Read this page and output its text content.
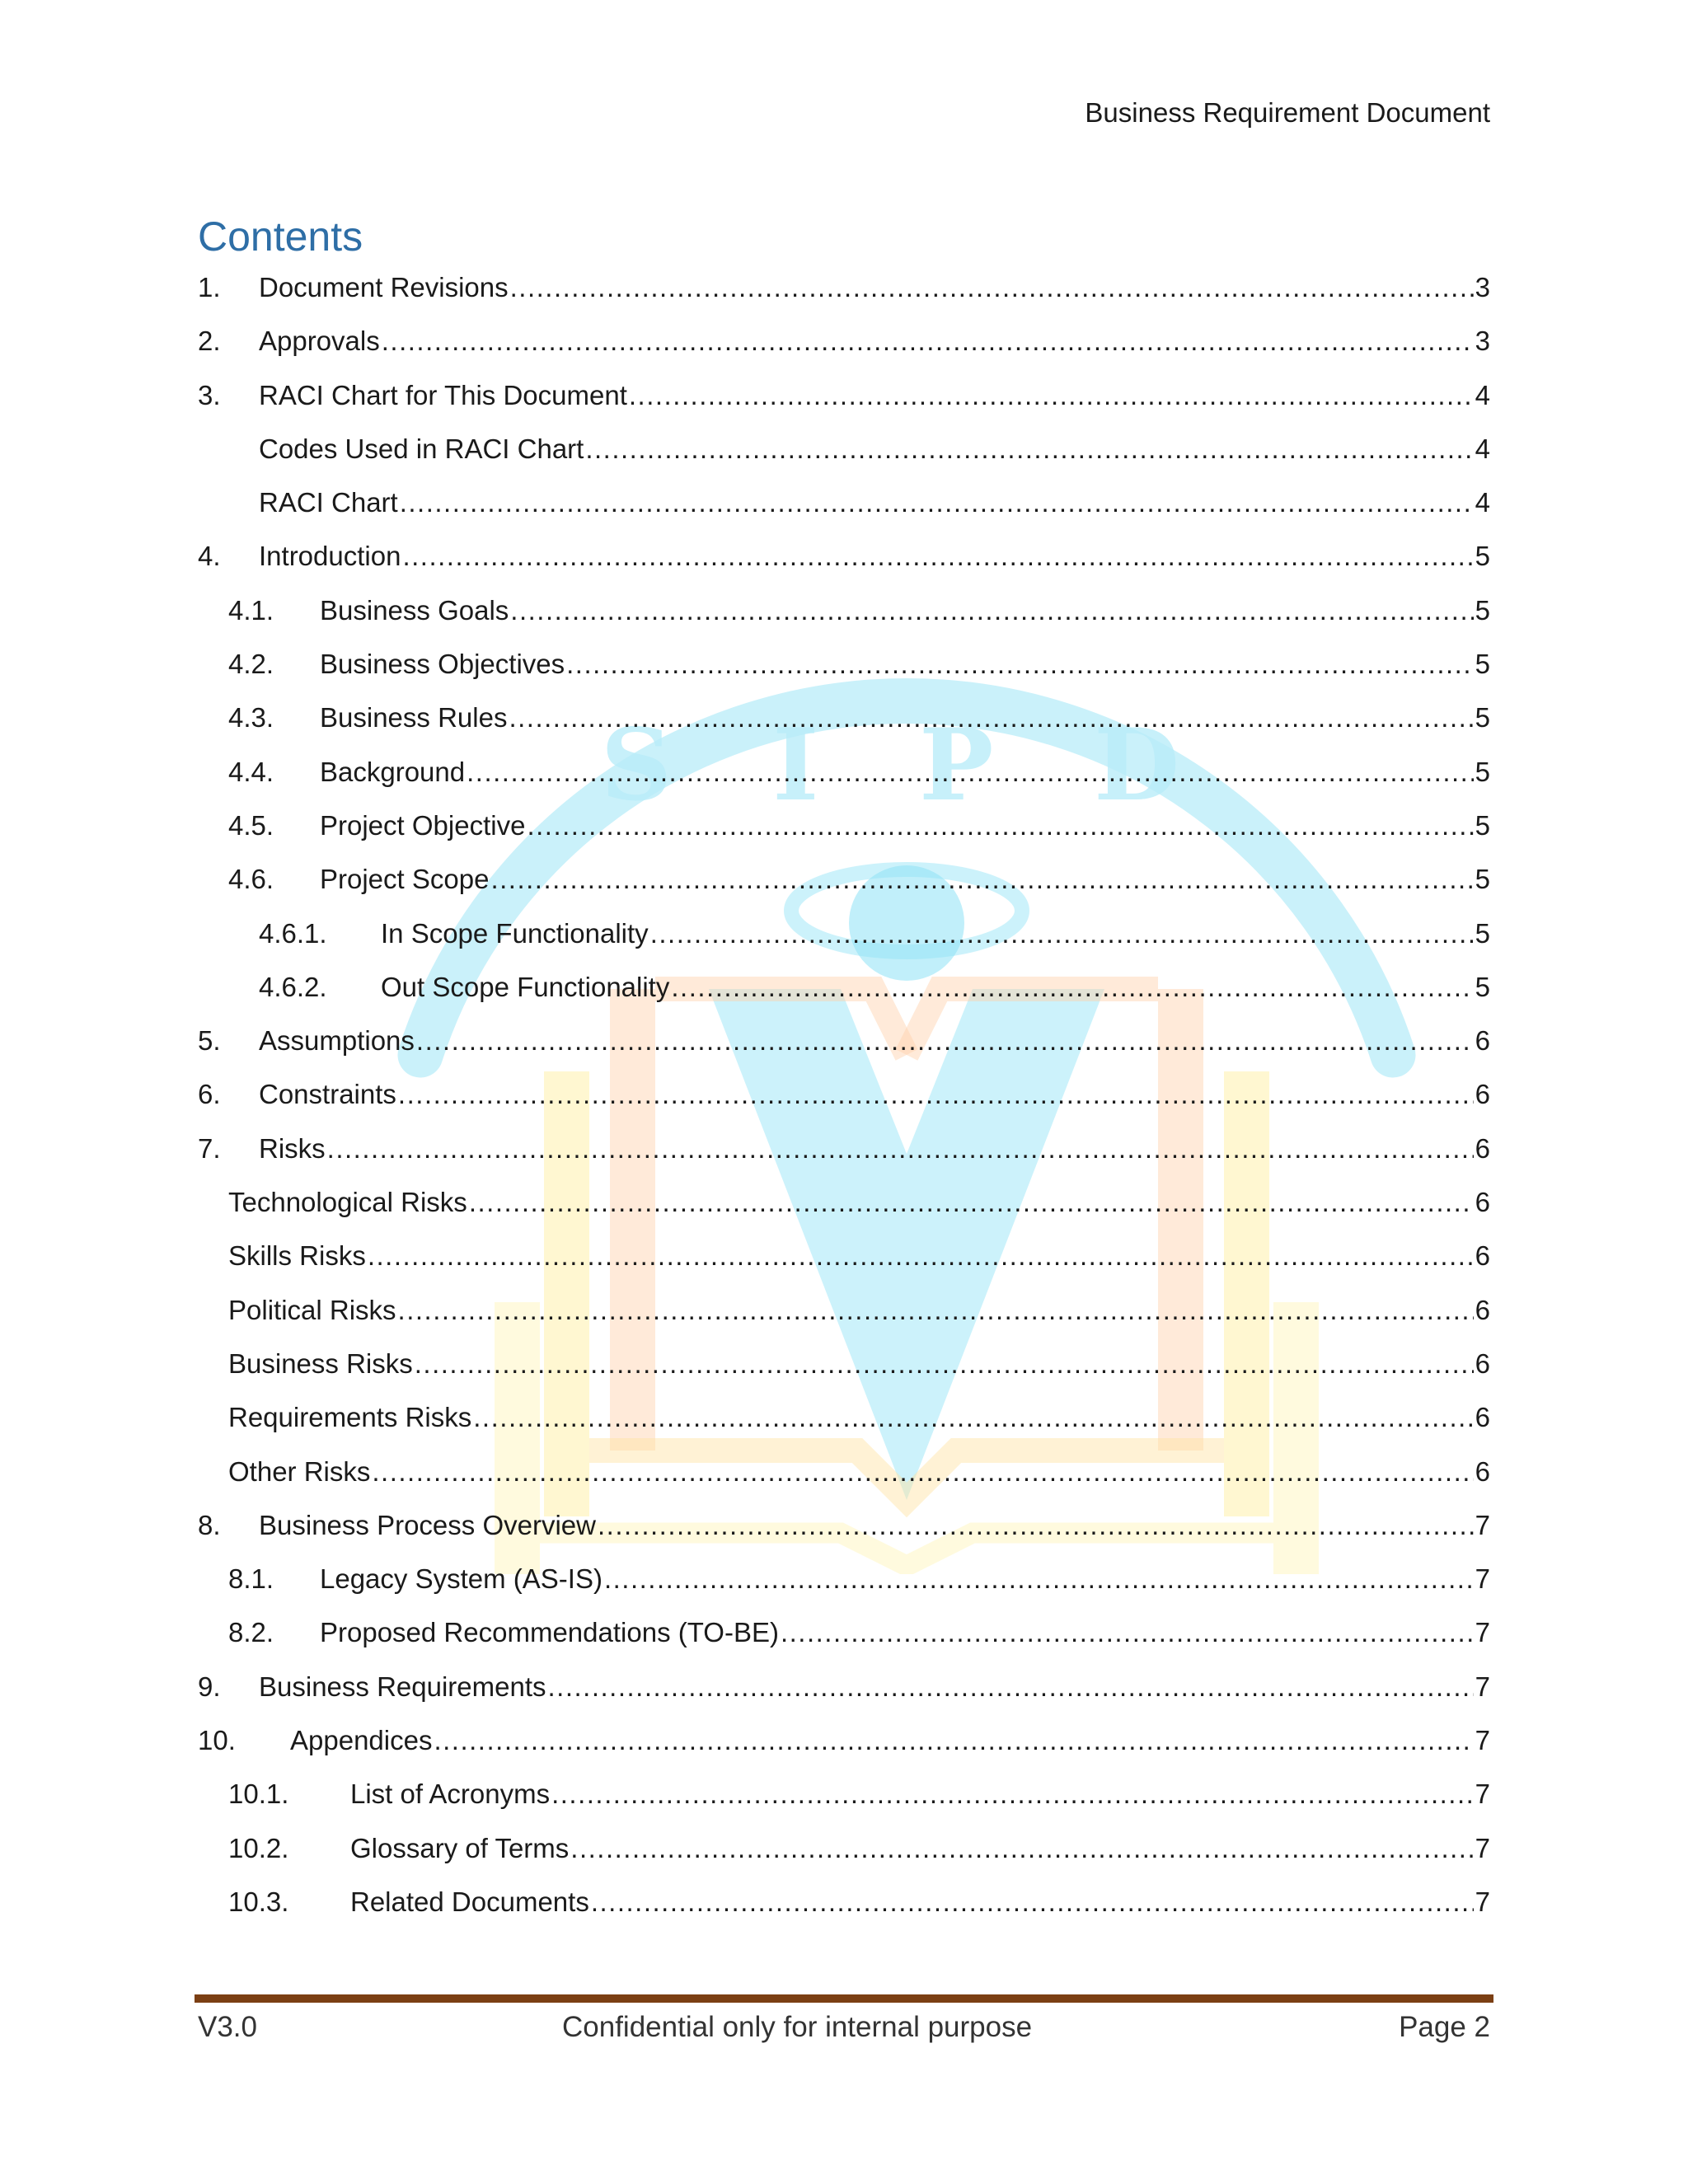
S I P D
Business Requirement Document
Contents
1. Document Revisions .....	3
2. Approvals .....	3
3. RACI Chart for This Document .....	4
Codes Used in RACI Chart .....	4
RACI Chart .....	4
4. Introduction .....	5
4.1. Business Goals .....	5
4.2. Business Objectives .....	5
4.3. Business Rules .....	5
4.4. Background .....	5
4.5. Project Objective .....	5
4.6. Project Scope .....	5
4.6.1. In Scope Functionality .....	5
4.6.2. Out Scope Functionality .....	5
5. Assumptions .....	6
6. Constraints .....	6
7. Risks .....	6
Technological Risks .....	6
Skills Risks .....	6
Political Risks .....	6
Business Risks .....	6
Requirements Risks .....	6
Other Risks .....	6
8. Business Process Overview .....	7
8.1. Legacy System (AS-IS) .....	7
8.2. Proposed Recommendations (TO-BE) .....	7
9. Business Requirements .....	7
10. Appendices .....	7
10.1. List of Acronyms .....	7
10.2. Glossary of Terms .....	7
10.3. Related Documents .....	7
V3.0	Confidential only for internal purpose	Page 2
